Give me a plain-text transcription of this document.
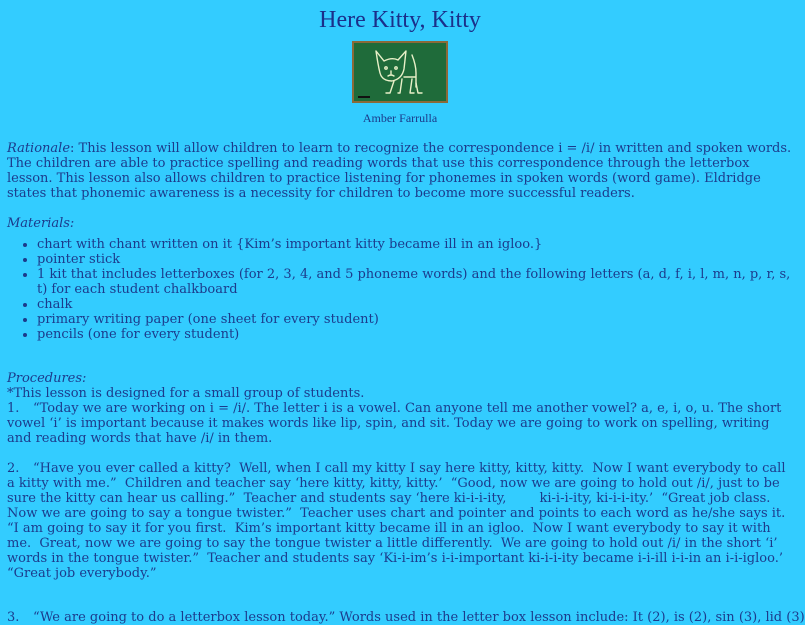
Here Kitty, Kitty
Amber Farrulla

Rationale: This lesson will allow children to learn to recognize the correspondence i = /i/ in written and spoken words. The children are able to practice spelling and reading words that use this correspondence through the letterbox lesson. This lesson also allows children to practice listening for phonemes in spoken words (word game). Eldridge states that phonemic awareness is a necessity for children to become more successful readers.

Materials:

• chart with chant written on it {Kim’s important kitty became ill in an igloo.}
• pointer stick
• 1 kit that includes letterboxes (for 2, 3, 4, and 5 phoneme words) and the following letters (a, d, f, i, l, m, n, p, r, s, t) for each student chalkboard
• chalk
• primary writing paper (one sheet for every student)
• pencils (one for every student)

Procedures:

*This lesson is designed for a small group of students.

1. “Today we are working on i = /i/. The letter i is a vowel. Can anyone tell me another vowel? a, e, i, o, u. The short vowel ‘i’ is important because it makes words like lip, spin, and sit. Today we are going to work on spelling, writing and reading words that have /i/ in them.

2. “Have you ever called a kitty?  Well, when I call my kitty I say here kitty, kitty, kitty.  Now I want everybody to call a kitty with me.”  Children and teacher say ‘here kitty, kitty, kitty.’  “Good, now we are going to hold out /i/, just to be sure the kitty can hear us calling.”  Teacher and students say ‘here ki-i-i-ity,        ki-i-i-ity, ki-i-i-ity.’  “Great job class.  Now we are going to say a tongue twister.”  Teacher uses chart and pointer and points to each word as he/she says it.  “I am going to say it for you first.  Kim’s important kitty became ill in an igloo.  Now I want everybody to say it with me.  Great, now we are going to say the tongue twister a little differently.  We are going to hold out /i/ in the short ‘i’ words in the tongue twister.”  Teacher and students say ‘Ki-i-im’s i-i-important ki-i-i-ity became i-i-ill i-i-in an i-i-igloo.’  “Great job everybody.”

3. “We are going to do a letterbox lesson today.” Words used in the letter box lesson include: It (2), is (2), sin (3), lid (3)
